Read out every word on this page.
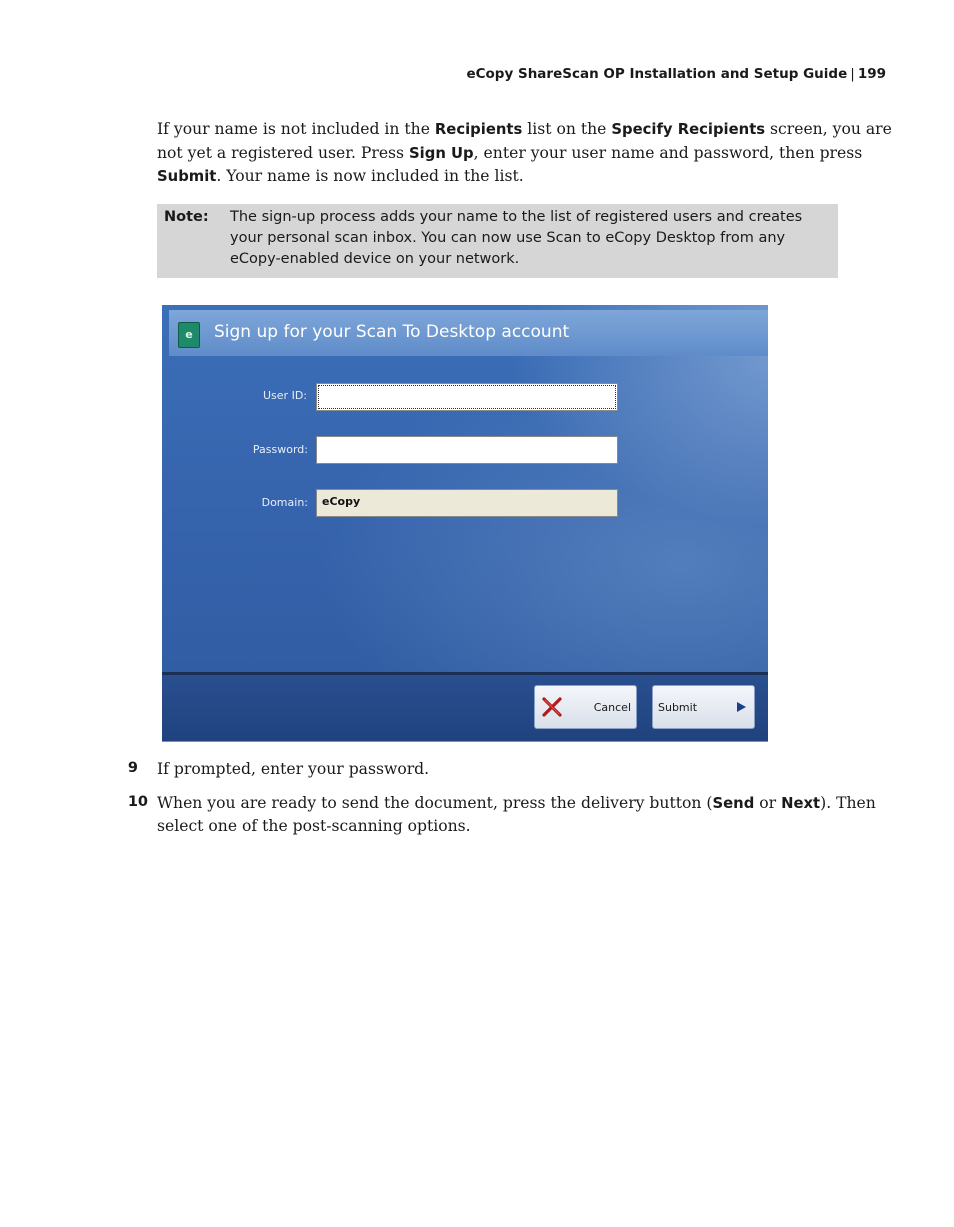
eCopy ShareScan OP Installation and Setup Guide | 199

If your name is not included in the Recipients list on the Specify Recipients screen, you are not yet a registered user. Press Sign Up, enter your user name and password, then press Submit. Your name is now included in the list.

Note: The sign-up process adds your name to the list of registered users and creates your personal scan inbox. You can now use Scan to eCopy Desktop from any eCopy-enabled device on your network.
e	Sign up for your Scan To Desktop account
User ID:
Password:
Domain:	eCopy
Cancel Submit
9 If prompted, enter your password.

10 When you are ready to send the document, press the delivery button (Send or Next). Then select one of the post-scanning options.
